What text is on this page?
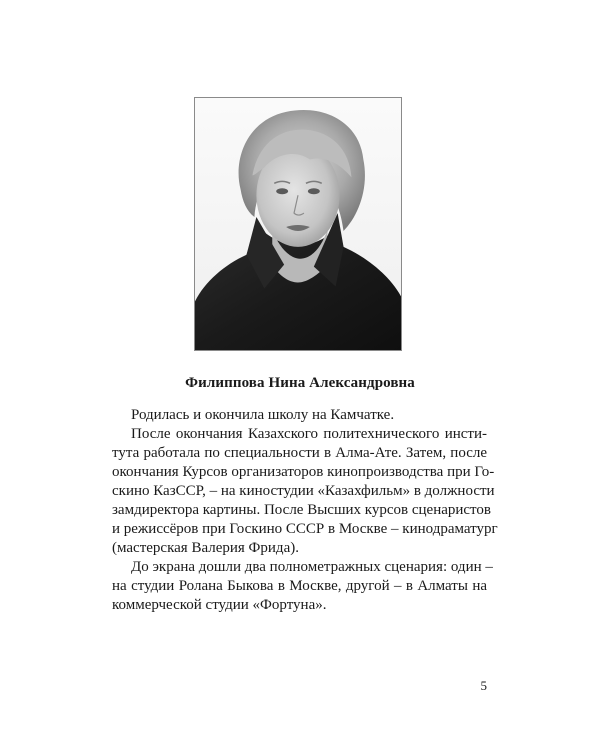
Филиппова Нина Александровна
Родилась и окончила школу на Камчатке.
После окончания Казахского политехнического инсти-
тута работала по специальности в Алма-Ате. Затем, после
окончания Курсов организаторов кинопроизводства при Го-
скино КазССР, – на киностудии «Казахфильм» в должности
замдиректора картины. После Высших курсов сценаристов
и режиссёров при Госкино СССР в Москве – кинодраматург
(мастерская Валерия Фрида).
До экрана дошли два полнометражных сценария: один –
на студии Ролана Быкова в Москве, другой – в Алматы на
коммерческой студии «Фортуна».
5
